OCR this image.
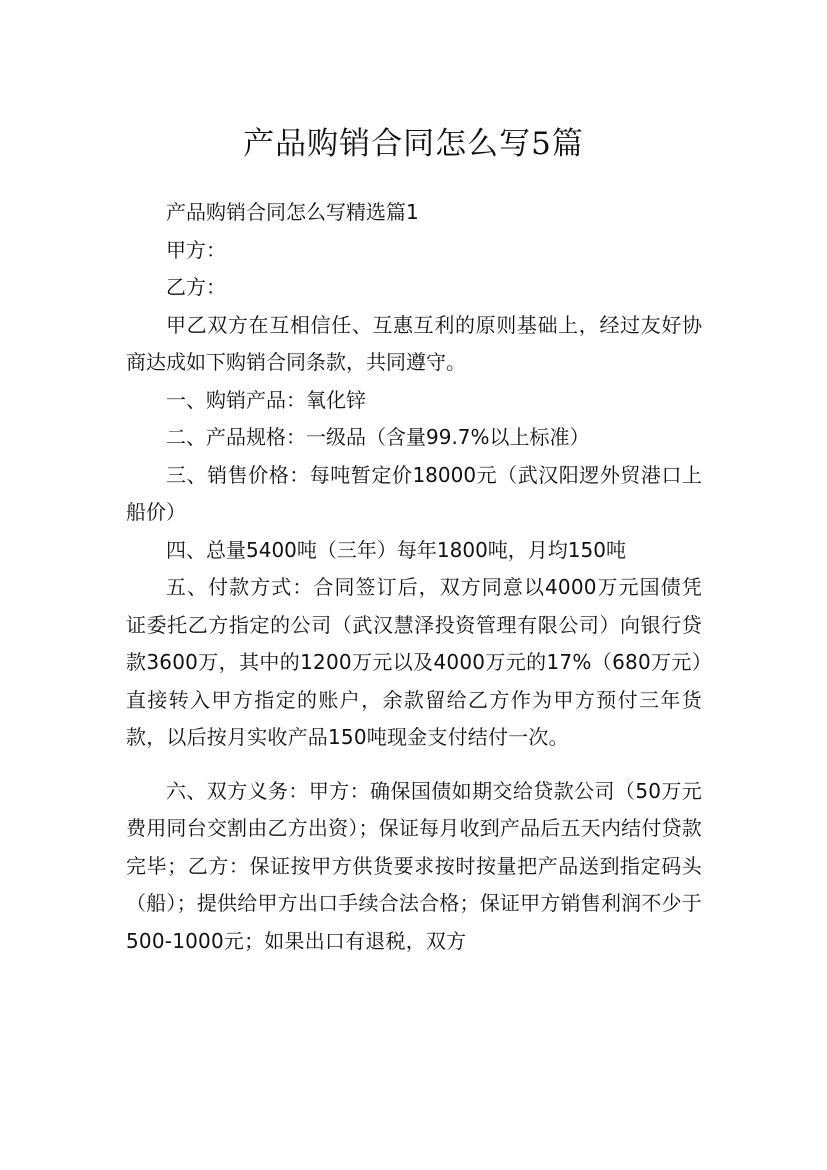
产品购销合同怎么写5篇

产品购销合同怎么写精选篇1

甲方：

乙方：

甲乙双方在互相信任、互惠互利的原则基础上，经过友好协商达成如下购销合同条款，共同遵守。

一、购销产品：氧化锌

二、产品规格：一级品（含量99.7%以上标准）

三、销售价格：每吨暂定价18000元（武汉阳逻外贸港口上船价）

四、总量5400吨（三年）每年1800吨，月均150吨

五、付款方式：合同签订后，双方同意以4000万元国债凭证委托乙方指定的公司（武汉慧泽投资管理有限公司）向银行贷款3600万，其中的1200万元以及4000万元的17%（680万元）直接转入甲方指定的账户，余款留给乙方作为甲方预付三年货款，以后按月实收产品150吨现金支付结付一次。

六、双方义务：甲方：确保国债如期交给贷款公司（50万元费用同台交割由乙方出资）；保证每月收到产品后五天内结付贷款完毕；乙方：保证按甲方供货要求按时按量把产品送到指定码头（船）；提供给甲方出口手续合法合格；保证甲方销售利润不少于500-1000元；如果出口有退税，双方
